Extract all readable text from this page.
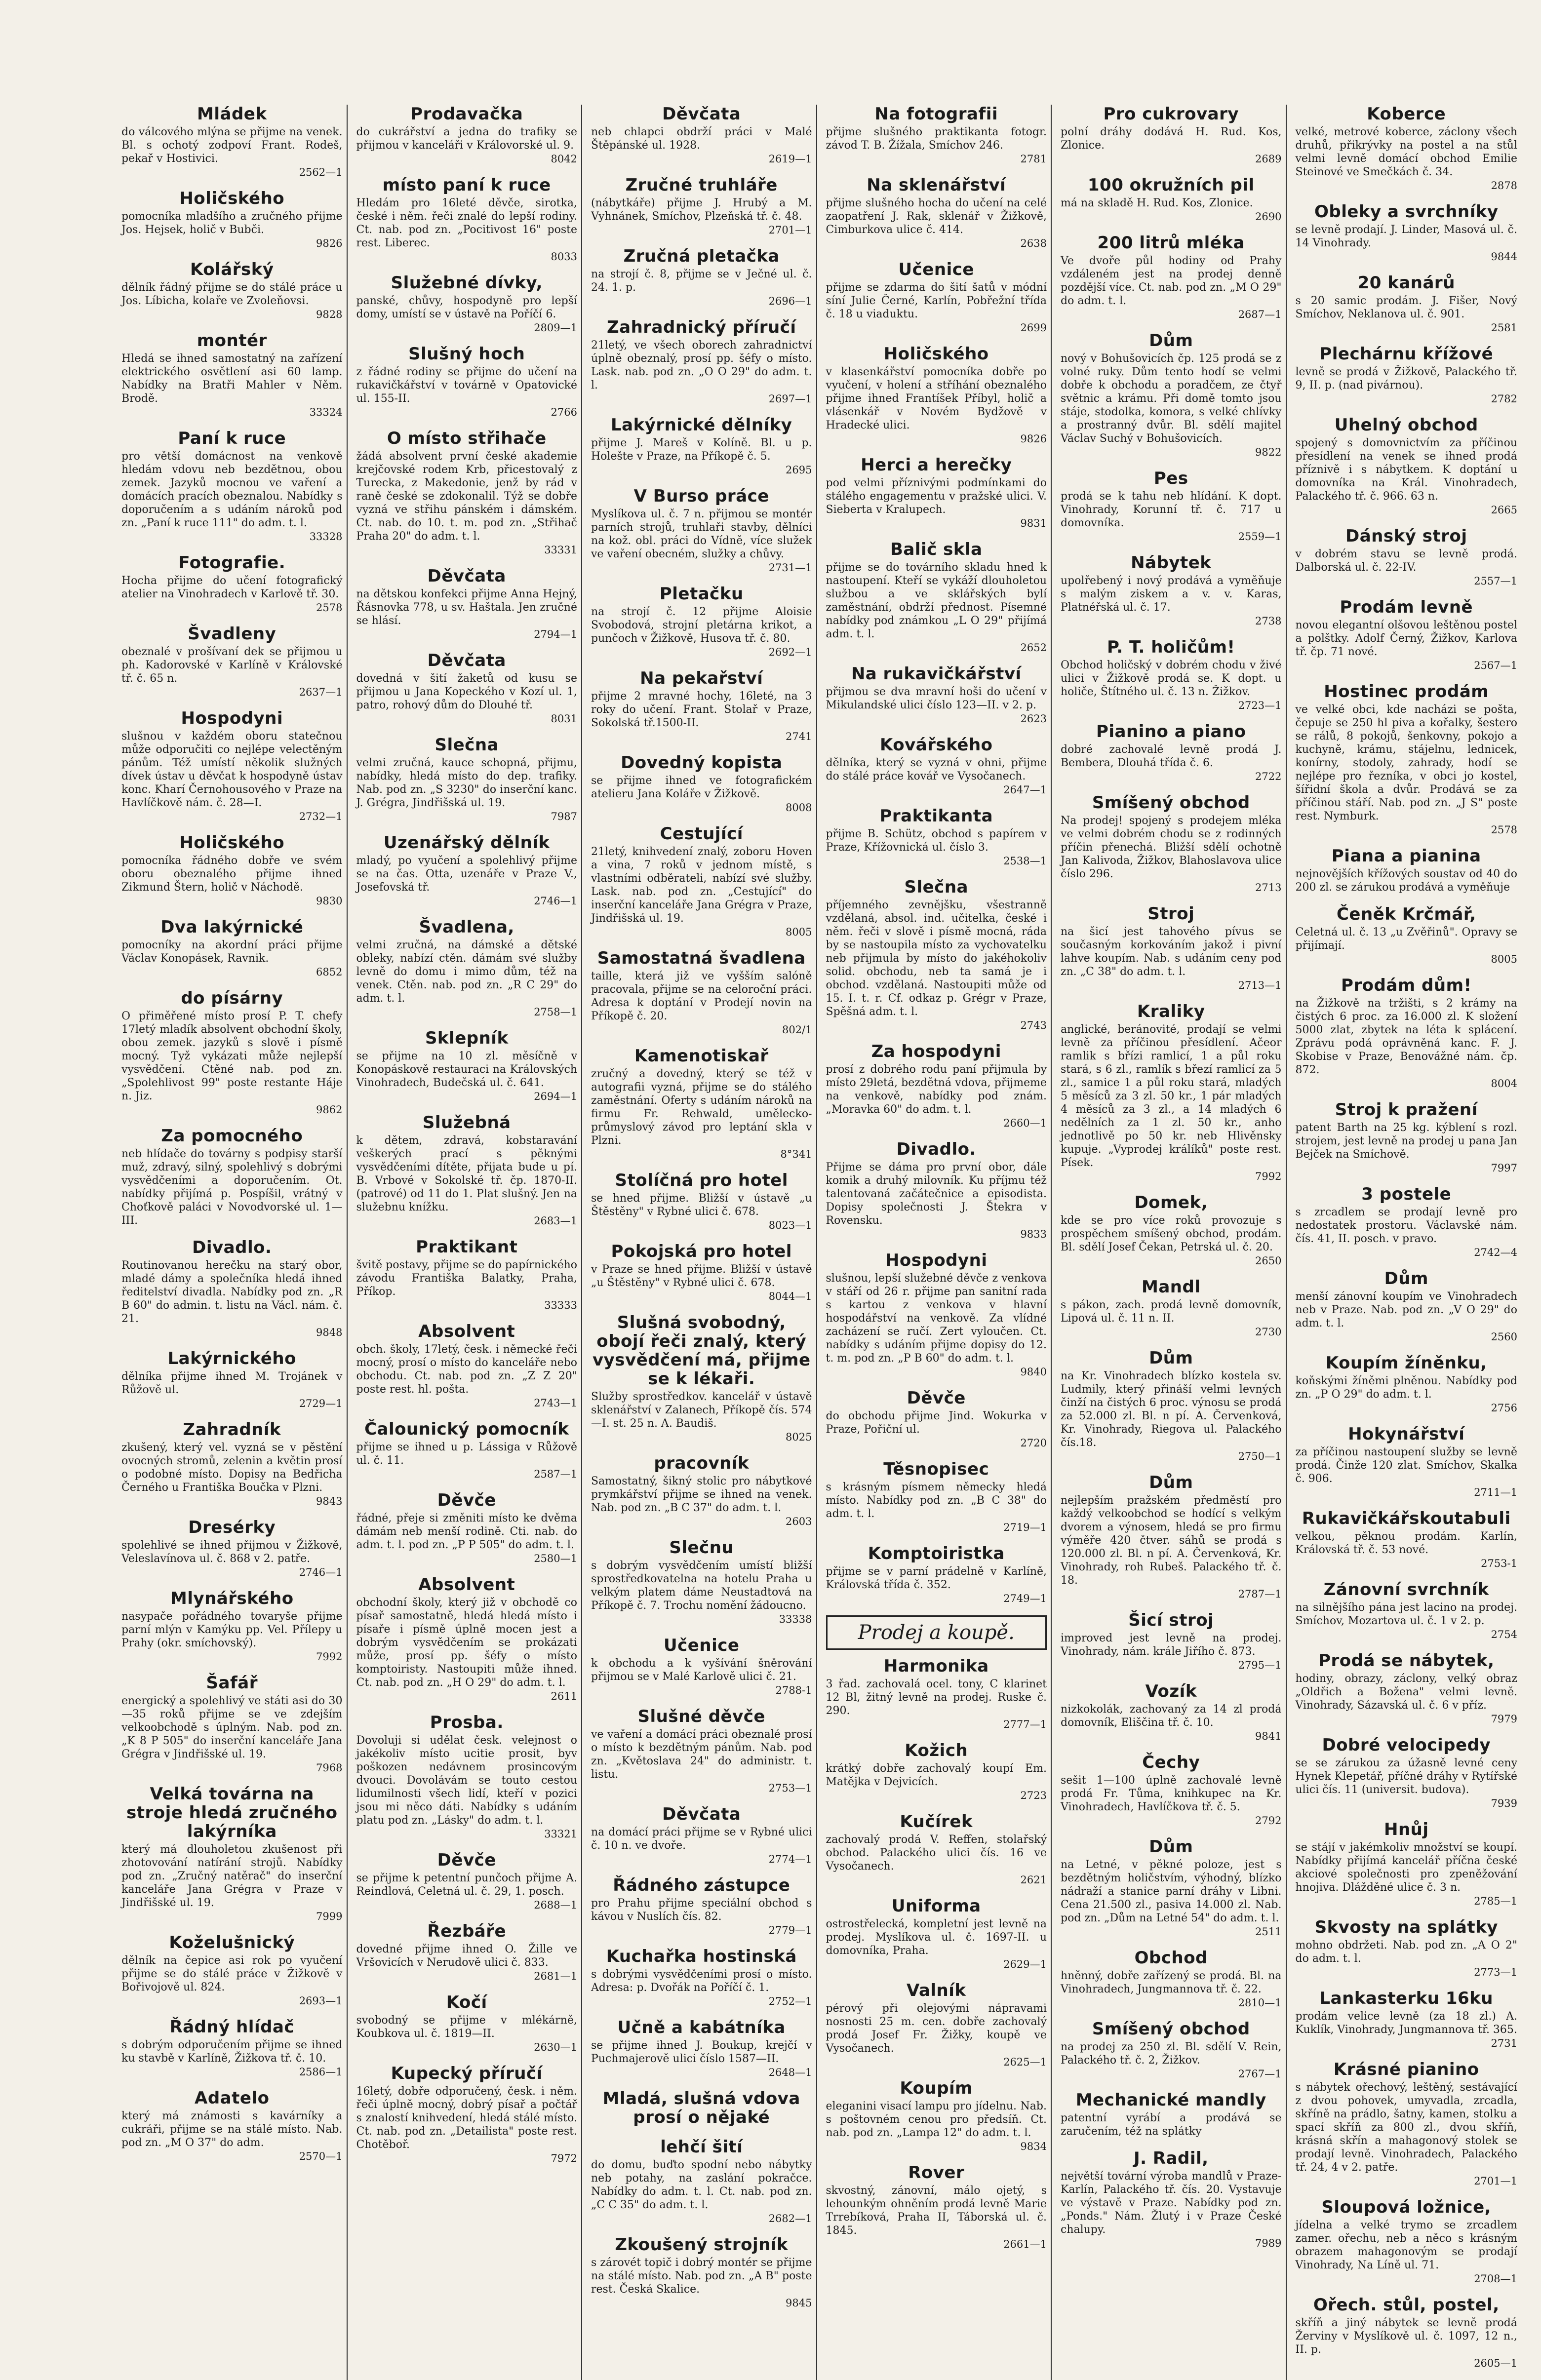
Mládek

do válcového mlýna se přijme na venek. Bl. s ochotý zodpoví Frant. Rodeš, pekař v Hostivici.

2562—1
Holičského

pomocníka mladšího a zručného přijme Jos. Hejsek, holič v Bubči.

9826
Kolářský

dělník řádný přijme se do stálé práce u Jos. Líbicha, kolaře ve Zvoleňovsi.

9828
montér

Hledá se ihned samostatný na zařízení elektrického osvětlení asi 60 lamp. Nabídky na Bratři Mahler v Něm. Brodě.

33324
Paní k ruce

pro větší domácnost na venkově hledám vdovu neb bezdětnou, obou zemek. Jazyků mocnou ve vaření a domácích pracích obeznalou. Nabídky s doporučením a s udáním nároků pod zn. „Paní k ruce 111" do adm. t. l.

33328
Fotografie.

Hocha přijme do učení fotografický atelier na Vinohradech v Karlově tř. 30.

2578
Švadleny

obeznalé v prošívaní dek se přijmou u ph. Kadorovské v Karlíně v Královské tř. č. 65 n.

2637—1
Hospodyni

slušnou v každém oboru statečnou může odporučiti co nejlépe velectěným pánům. Též umístí několik služných dívek ústav u děvčat k hospodyně ústav konc. Kharí Černohousového v Praze na Havlíčkově nám. č. 28—I.

2732—1
Holičského

pomocníka řádného dobře ve svém oboru obeznalého přijme ihned Zikmund Štern, holič v Náchodě.

9830
Dva lakýrnické

pomocníky na akordní práci přijme Václav Konopásek, Ravnik.

6852
do písárny

O přiměřené místo prosí P. T. chefy 17letý mladík absolvent obchodní školy, obou zemek. jazyků s slově i písmě mocný. Tyž vykázati může nejlepší vysvědčení. Ctěné nab. pod zn. „Spolehlivost 99" poste restante Háje n. Jiz.

9862
Za pomocného

neb hlídače do továrny s podpisy starší muž, zdravý, silný, spolehlivý s dobrými vysvědčeními a doporučením. Ot. nabídky přijímá p. Pospíšil, vrátný v Choťkově paláci v Novodvorské ul. 1—III.

Divadlo.

Routinovanou herečku na starý obor, mladé dámy a společníka hledá ihned ředitelství divadla. Nabídky pod zn. „R B 60" do admin. t. listu na Václ. nám. č. 21.

9848
Lakýrnického

dělníka přijme ihned M. Trojánek v Růžově ul.

2729—1
Zahradník

zkušený, který vel. vyzná se v pěstění ovocných stromů, zelenin a květin prosí o podobné místo. Dopisy na Bedřicha Černého u Františka Boučka v Plzni.

9843
Dresérky

spolehlivé se ihned přijmou v Žižkově, Veleslavínova ul. č. 868 v 2. patře.

2746—1
Mlynářského

nasypače pořádného tovaryše přijme parní mlýn v Kamýku pp. Vel. Přílepy u Prahy (okr. smíchovský).

7992
Šafář

energický a spolehlivý ve státi asi do 30—35 roků přijme se ve zdejším velkoobchodě s úplným. Nab. pod zn. „K 8 P 505" do inserční kanceláře Jana Grégra v Jindřišské ul. 19.

7968
Velká továrna na stroje hledá zručného lakýrníka

který má dlouholetou zkušenost při zhotovování natírání strojů. Nabídky pod zn. „Zručný natěrač" do inserční kanceláře Jana Grégra v Praze v Jindřišské ul. 19.

7999
Koželušnický

dělník na čepice asi rok po vyučení přijme se do stálé práce v Žižkově v Bořivojově ul. 824.

2693—1
Řádný hlídač

s dobrým odporučením přijme se ihned ku stavbě v Karlíně, Žižkova tř. č. 10.

2586—1
Adatelo

který má známosti s kavárníky a cukráři, přijme se na stálé místo. Nab. pod zn. „M O 37" do adm.

2570—1
Prodavačka

do cukrářství a jedna do trafiky se přijmou v kanceláři v Královorské ul. 9.

8042
místo paní k ruce

Hledám pro 16leté děvče, sirotka, české i něm. řeči znalé do lepší rodiny. Ct. nab. pod zn. „Pocitivost 16" poste rest. Liberec.

8033
Služebné dívky,

panské, chůvy, hospodyně pro lepší domy, umístí se v ústavě na Poříčí 6.

2809—1
Slušný hoch

z řádné rodiny se přijme do učení na rukavičkářství v továrně v Opatovické ul. 155-II.

2766
O místo střihače

žádá absolvent první české akademie krejčovské rodem Krb, přicestovalý z Turecka, z Makedonie, jenž by rád v raně české se zdokonalil. Týž se dobře vyzná ve střihu pánském i dámském. Ct. nab. do 10. t. m. pod zn. „Střihač Praha 20" do adm. t. l.

33331
Děvčata

na dětskou konfekci přijme Anna Hejný, Řásnovka 778, u sv. Haštala. Jen zručné se hlásí.

2794—1
Děvčata

dovedná v šití žaketů od kusu se přijmou u Jana Kopeckého v Kozí ul. 1, patro, rohový dům do Dlouhé tř.

8031
Slečna

velmi zručná, kauce schopná, přijmu, nabídky, hledá místo do dep. trafiky. Nab. pod zn. „S 3230" do inserční kanc. J. Grégra, Jindřišská ul. 19.

7987
Uzenářský dělník

mladý, po vyučení a spolehlivý přijme se na čas. Otta, uzenáře v Praze V., Josefovská tř.

2746—1
Švadlena,

velmi zručná, na dámské a dětské obleky, nabízí ctěn. dámám své služby levně do domu i mimo dům, též na venek. Ctěn. nab. pod zn. „R C 29" do adm. t. l.

2758—1
Sklepník

se přijme na 10 zl. měsíčně v Konopáskově restauraci na Královských Vinohradech, Budečská ul. č. 641.

2694—1
Služebná

k dětem, zdravá, kobstaravání veškerých prací s pěknými vysvědčeními dítěte, přijata bude u pí. B. Vrbové v Sokolské tř. čp. 1870-II. (patrové) od 11 do 1. Plat slušný. Jen na služebnu knížku.

2683—1
Praktikant

švitě postavy, přijme se do papírnického závodu Františka Balatky, Praha, Příkop.

33333
Absolvent

obch. školy, 17letý, česk. i německé řeči mocný, prosí o místo do kanceláře nebo obchodu. Ct. nab. pod zn. „Z Z 20" poste rest. hl. pošta.

2743—1
Čalounický pomocník

přijme se ihned u p. Lássiga v Růžově ul. č. 11.

2587—1
Děvče

řádné, přeje si změniti místo ke dvěma dámám neb menší rodině. Cti. nab. do adm. t. l. pod zn. „P P 505" do adm. t. l.

2580—1
Absolvent

obchodní školy, který již v obchodě co písař samostatně, hledá hledá místo i písaře i písmě úplně mocen jest a dobrým vysvědčením se prokázati může, prosí pp. šéfy o místo komptoiristy. Nastoupiti může ihned. Ct. nab. pod zn. „H O 29" do adm. t. l.

2611
Prosba.

Dovoluji si udělat česk. velejnost o jakékoliv místo ucitie prosit, byv poškozen nedávnem prosincovým dvouci. Dovolávám se touto cestou lidumilnosti všech lidí, kteří v pozici jsou mi něco dáti. Nabídky s udáním platu pod zn. „Lásky" do adm. t. l.

33321
Děvče

se přijme k petentní punčoch přijme A. Reindlová, Celetná ul. č. 29, 1. posch.

2688—1
Řezbáře

dovedné přijme ihned O. Žille ve Vršovicích v Nerudově ulici č. 833.

2681—1
Kočí

svobodný se přijme v mlékárně, Koubkova ul. č. 1819—II.

2630—1
Kupecký příručí

16letý, dobře odporučený, česk. i něm. řeči úplně mocný, dobrý písař a počtář s znalostí knihvedení, hledá stálé místo. Ct. nab. pod zn. „Detailista" poste rest. Chotěboř.

7972
Děvčata

neb chlapci obdrží práci v Malé Štěpánské ul. 1928.

2619—1
Zručné truhláře

(nábytkáře) přijme J. Hrubý a M. Vyhnánek, Smíchov, Plzeňská tř. č. 48.

2701—1
Zručná pletačka

na strojí č. 8, přijme se v Ječné ul. č. 24. 1. p.

2696—1
Zahradnický příručí

21letý, ve všech oborech zahradnictví úplně obeznalý, prosí pp. šéfy o místo. Lask. nab. pod zn. „O O 29" do adm. t. l.

2697—1
Lakýrnické dělníky

přijme J. Mareš v Kolíně. Bl. u p. Holešte v Praze, na Příkopě č. 5.

2695
V Burso práce

Myslíkova ul. č. 7 n. přijmou se montér parních strojů, truhlaři stavby, dělníci na kož. obl. práci do Vídně, více služek ve vaření obecném, služky a chůvy.

2731—1
Pletačku

na strojí č. 12 přijme Aloisie Svobodová, strojní pletárna krikot, a punčoch v Žižkově, Husova tř. č. 80.

2692—1
Na pekařství

přijme 2 mravné hochy, 16leté, na 3 roky do učení. Frant. Stolař v Praze, Sokolská tř.1500-II.

2741
Dovedný kopista

se přijme ihned ve fotografickém atelieru Jana Koláře v Žižkově.

8008
Cestující

21letý, knihvedení znalý, zoboru Hoven a vina, 7 roků v jednom místě, s vlastními odběrateli, nabízí své služby. Lask. nab. pod zn. „Cestující" do inserční kanceláře Jana Grégra v Praze, Jindřišská ul. 19.

8005
Samostatná švadlena

taille, která již ve vyšším salóně pracovala, přijme se na celoroční práci. Adresa k doptání v Prodejí novin na Příkopě č. 20.

802/1
Kamenotiskař

zručný a dovedný, který se též v autografii vyzná, přijme se do stálého zaměstnání. Oferty s udáním nároků na firmu Fr. Rehwald, umělecko-průmyslový závod pro leptání skla v Plzni.

8°341
Stolíčná pro hotel

se hned přijme. Bližší v ústavě „u Štěstěny" v Rybné ulici č. 678.

8023—1
Pokojská pro hotel

v Praze se hned přijme. Bližší v ústavě „u Štěstěny" v Rybné ulici č. 678.

8044—1
Slušná svobodný, obojí řeči znalý, který vysvědčení má, přijme se k lékaři.

Služby sprostředkov. kancelář v ústavě sklenářství v Zalanech, Příkopě čís. 574—I. st. 25 n. A. Baudiš.

8025
pracovník

Samostatný, šikný stolic pro nábytkové prymkářství přijme se ihned na venek. Nab. pod zn. „B C 37" do adm. t. l.

2603
Slečnu

s dobrým vysvědčením umístí bližší sprostředkovatelna na hotelu Praha u velkým platem dáme Neustadtová na Příkopě č. 7. Trochu nomění žádoucno.

33338
Učenice

k obchodu a k vyšívání šněrování přijmou se v Malé Karlově ulici č. 21.

2788-1
Slušné děvče

ve vaření a domácí práci obeznalé prosí o místo k bezdětným pánům. Nab. pod zn. „Květoslava 24" do administr. t. listu.

2753—1
Děvčata

na domácí práci přijme se v Rybné ulici č. 10 n. ve dvoře.

2774—1
Řádného zástupce

pro Prahu přijme speciální obchod s kávou v Nuslích čís. 82.

2779—1
Kuchařka hostinská

s dobrými vysvědčeními prosí o místo. Adresa: p. Dvořák na Poříčí č. 1.

2752—1
Učně a kabátníka

se přijme ihned J. Boukup, krejčí v Puchmajerově ulici číslo 1587—II.

2648—1
Mladá, slušná vdova prosí o nějaké
lehčí šití

do domu, buďto spodní nebo nábytky neb potahy, na zaslání pokračce. Nabídky do adm. t. l. Ct. nab. pod zn. „C C 35" do adm. t. l.

2682—1
Zkoušený strojník

s zárovét topič i dobrý montér se přijme na stálé místo. Nab. pod zn. „A B" poste rest. Česká Skalice.

9845
Na fotografii

přijme slušného praktikanta fotogr. závod T. B. Žížala, Smíchov 246.

2781
Na sklenářství

přijme slušného hocha do učení na celé zaopatření J. Rak, sklenář v Žižkově, Cimburkova ulice č. 414.

2638
Učenice

přijme se zdarma do šití šatů v módní síní Julie Černé, Karlín, Pobřežní třída č. 18 u viaduktu.

2699
Holičského

v klasenkářství pomocníka dobře po vyučení, v holení a stříhání obeznalého přijme ihned Frantíšek Příbyl, holič a vlásenkář v Novém Bydžově v Hradecké ulici.

9826
Herci a herečky

pod velmi příznivými podmínkami do stálého engagementu v pražské ulici. V. Sieberta v Kralupech.

9831
Balič skla

přijme se do továrního skladu hned k nastoupení. Kteří se vykáží dlouholetou službou a ve sklářských bylí zaměstnání, obdrží přednost. Písemné nabídky pod známkou „L O 29" přijímá adm. t. l.

2652
Na rukavičkářství

přijmou se dva mravní hoši do učení v Mikulandské ulici číslo 123—II. v 2. p.

2623
Kovářského

dělníka, který se vyzná v ohni, přijme do stálé práce kovář ve Vysočanech.

2647—1
Praktikanta

přijme B. Schütz, obchod s papírem v Praze, Křížovnická ul. číslo 3.

2538—1
Slečna

příjemného zevnějšku, všestranně vzdělaná, absol. ind. učitelka, české i něm. řeči v slově i písmě mocná, ráda by se nastoupila místo za vychovatelku neb přijmula by místo do jakéhokoliv solid. obchodu, neb ta samá je i obchod. vzdělaná. Nastoupiti může od 15. I. t. r. Cf. odkaz p. Grégr v Praze, Spěšná adm. t. l.

2743
Za hospodyni

prosí z dobrého rodu paní přijmula by místo 29letá, bezdětná vdova, přijmeme na venkově, nabídky pod znám. „Moravka 60" do adm. t. l.

2660—1
Divadlo.

Přijme se dáma pro první obor, dále komik a druhý milovník. Ku příjmu též talentovaná začátečnice a episodista. Dopisy společnosti J. Štekra v Rovensku.

9833
Hospodyni

slušnou, lepší služebné děvče z venkova v stáří od 26 r. přijme pan sanitní rada s kartou z venkova v hlavní hospodářství na venkově. Za vlídné zacházení se ručí. Zert vyloučen. Ct. nabídky s udáním přijme dopisy do 12. t. m. pod zn. „P B 60" do adm. t. l.

9840
Děvče

do obchodu přijme Jind. Wokurka v Praze, Pořiční ul.

2720
Těsnopisec

s krásným písmem německy hledá místo. Nabídky pod zn. „B C 38" do adm. t. l.

2719—1
Komptoiristka

přijme se v parní prádelně v Karlíně, Královská třída č. 352.

2749—1
Prodej a koupě.
Harmonika

3 řad. zachovalá ocel. tony, C klarinet 12 Bl, žitný levně na prodej. Ruske č. 290.

2777—1
Kožich

krátký dobře zachovalý koupí Em. Matějka v Dejvicích.

2723
Kučírek

zachovalý prodá V. Reffen, stolařský obchod. Palackého ulici čís. 16 ve Vysočanech.

2621
Uniforma

ostrostřelecká, kompletní jest levně na prodej. Myslíkova ul. č. 1697-II. u domovníka, Praha.

2629—1
Valník

pérový při olejovými nápravami nosnosti 25 m. cen. dobře zachovalý prodá Josef Fr. Žižky, koupě ve Vysočanech.

2625—1
Koupím

eleganini visací lampu pro jídelnu. Nab. s poštovném cenou pro předsíň. Ct. nab. pod zn. „Lampa 12" do adm. t. l.

9834
Rover

skvostný, zánovní, málo ojetý, s lehounkým ohněním prodá levně Marie Trrebíková, Praha II, Táborská ul. č. 1845.

2661—1
Pro cukrovary

polní dráhy dodává H. Rud. Kos, Zlonice.

2689
100 okružních pil

má na skladě H. Rud. Kos, Zlonice.

2690
200 litrů mléka

Ve dvoře půl hodiny od Prahy vzdáleném jest na prodej denně pozdější více. Ct. nab. pod zn. „M O 29" do adm. t. l.

2687—1
Dům

nový v Bohušovicích čp. 125 prodá se z volné ruky. Dům tento hodí se velmi dobře k obchodu a poradčem, ze čtyř světnic a krámu. Při domě tomto jsou stáje, stodolka, komora, s velké chlívky a prostranný dvůr. Bl. sdělí majitel Václav Suchý v Bohušovicích.

9822
Pes

prodá se k tahu neb hlídání. K dopt. Vinohrady, Korunní tř. č. 717 u domovníka.

2559—1
Nábytek

upolřebený i nový prodává a vyměňuje s malým ziskem a v. v. Karas, Platnéřská ul. č. 17.

2738
P. T. holičům!

Obchod holičský v dobrém chodu v živé ulici v Žižkově prodá se. K dopt. u holiče, Štítného ul. č. 13 n. Žižkov.

2723—1
Pianino a piano

dobré zachovalé levně prodá J. Bembera, Dlouhá třída č. 6.

2722
Smíšený obchod

Na prodej! spojený s prodejem mléka ve velmi dobrém chodu se z rodinných příčin přenechá. Bližší sdělí ochotně Jan Kalivoda, Žižkov, Blahoslavova ulice číslo 296.

2713
Stroj

na šicí jest tahového pívus se současným korkováním jakož i pivní lahve koupím. Nab. s udáním ceny pod zn. „C 38" do adm. t. l.

2713—1
Kraliky

anglické, beránovité, prodají se velmi levně za příčinou přesídlení. Ačeor ramlik s břízi ramlicí, 1 a půl roku stará, s 6 zl., ramlík s březí ramlicí za 5 zl., samice 1 a půl roku stará, mladých 5 měsíců za 3 zl. 50 kr., 1 pár mladých 4 měsíců za 3 zl., a 14 mladých 6 nedělních za 1 zl. 50 kr., anho jednotlivě po 50 kr. neb Hlivěnsky kupuje. „Vyprodej králíků" poste rest. Písek.

7992
Domek,

kde se pro více roků provozuje s prospěchem smíšený obchod, prodám. Bl. sdělí Josef Čekan, Petrská ul. č. 20.

2650
Mandl

s pákon, zach. prodá levně domovník, Lipová ul. č. 11 n. II.

2730
Dům

na Kr. Vinohradech blízko kostela sv. Ludmily, který přináší velmi levných činží na čistých 6 proc. výnosu se prodá za 52.000 zl. Bl. n pí. A. Červenková, Kr. Vinohrady, Riegova ul. Palackého čís.18.

2750—1
Dům

nejlepším pražském předměstí pro každý velkoobchod se hodící s velkým dvorem a výnosem, hledá se pro firmu výměře 420 čtver. sáhů se prodá s 120.000 zl. Bl. n pí. A. Červenková, Kr. Vinohrady, roh Rubeš. Palackého tř. č. 18.

2787—1
Šicí stroj

improved jest levně na prodej. Vinohrady, nám. krále Jiřího č. 873.

2795—1
Vozík

nizkokolák, zachovaný za 14 zl prodá domovník, Eliščina tř. č. 10.

9841
Čechy

sešit 1—100 úplně zachovalé levně prodá Fr. Tůma, knihkupec na Kr. Vinohradech, Havlíčkova tř. č. 5.

2792
Dům

na Letné, v pěkné poloze, jest s bezdětným holičstvím, výhodný, blízko nádraží a stanice parní dráhy v Libni. Cena 21.500 zl., pasiva 14.000 zl. Nab. pod zn. „Dům na Letné 54" do adm. t. l.

2511
Obchod

hněnný, dobře zařízený se prodá. Bl. na Vinohradech, Jungmannova tř. č. 22.

2810—1
Smíšený obchod

na prodej za 250 zl. Bl. sdělí V. Rein, Palackého tř. č. 2, Žižkov.

2767—1
Mechanické mandly

patentní vyrábí a prodává se zaručením, též na splátky

J. Radil,

největší tovární výroba mandlů v Praze-Karlín, Palackého tř. čís. 20. Vystavuje ve výstavě v Praze. Nabídky pod zn. „Ponds." Nám. Žlutý i v Praze České chalupy.

7989
Koberce

velké, metrové koberce, záclony všech druhů, přikrývky na postel a na stůl velmi levně domácí obchod Emilie Steinové ve Smečkách č. 34.

2878
Obleky a svrchníky

se levně prodají. J. Linder, Masová ul. č. 14 Vinohrady.

9844
20 kanárů

s 20 samic prodám. J. Fišer, Nový Smíchov, Neklanova ul. č. 901.

2581
Plechárnu křížové

levně se prodá v Žižkově, Palackého tř. 9, II. p. (nad pivárnou).

2782
Uhelný obchod

spojený s domovnictvím za příčinou přesídlení na venek se ihned prodá příznivě i s nábytkem. K doptání u domovníka na Král. Vinohradech, Palackého tř. č. 966. 63 n.

2665
Dánský stroj

v dobrém stavu se levně prodá. Dalborská ul. č. 22-IV.

2557—1
Prodám levně

novou elegantní olšovou leštěnou postel a polštky. Adolf Černý, Žižkov, Karlova tř. čp. 71 nové.

2567—1
Hostinec prodám

ve velké obci, kde nacházi se pošta, čepuje se 250 hl piva a kořalky, šestero se rálů, 8 pokojů, šenkovny, pokojo a kuchyně, krámu, stájelnu, lednicek, konírny, stodoly, zahrady, hodí se nejlépe pro řezníka, v obci jo kostel, šířidní škola a dvůr. Prodává se za příčinou stáří. Nab. pod zn. „J S" poste rest. Nymburk.

2578
Piana a pianina

nejnovějších křížových soustav od 40 do 200 zl. se zárukou prodává a vyměňuje

Čeněk Krčmář,

Celetná ul. č. 13 „u Zvěřinů". Opravy se přijímají.

8005
Prodám dům!

na Žižkově na tržišti, s 2 krámy na čistých 6 proc. za 16.000 zl. K složení 5000 zlat, zbytek na léta k splácení. Zprávu podá oprávněná kanc. F. J. Skobise v Praze, Benovážné nám. čp. 872.

8004
Stroj k pražení

patent Barth na 25 kg. kýblení s rozl. strojem, jest levně na prodej u pana Jan Bejček na Smíchově.

7997
3 postele

s zrcadlem se prodají levně pro nedostatek prostoru. Václavské nám. čís. 41, II. posch. v pravo.

2742—4
Dům

menší zánovní koupím ve Vinohradech neb v Praze. Nab. pod zn. „V O 29" do adm. t. l.

2560
Koupím žíněnku,

koňskými žíněmi plněnou. Nabídky pod zn. „P O 29" do adm. t. l.

2756
Hokynářství

za příčinou nastoupení služby se levně prodá. Činže 120 zlat. Smíchov, Skalka č. 906.

2711—1
Rukavičkářskoutabuli

velkou, pěknou prodám. Karlín, Královská tř. č. 53 nové.

2753-1
Zánovní svrchník

na silnějšího pána jest lacino na prodej. Smíchov, Mozartova ul. č. 1 v 2. p.

2754
Prodá se nábytek,

hodiny, obrazy, záclony, velký obraz „Oldřich a Božena" velmi levně. Vinohrady, Sázavská ul. č. 6 v příz.

7979
Dobré velocipedy

se se zárukou za úžasně levné ceny Hynek Klepetář, příčné dráhy v Rytířské ulici čís. 11 (universit. budova).

7939
Hnůj

se stájí v jakémkoliv množství se koupí. Nabídky přijímá kancelář příčna české akciové společnosti pro zpeněžování hnojiva. Dlážděné ulice č. 3 n.

2785—1
Skvosty na splátky

mohno obdržeti. Nab. pod zn. „A O 2" do adm. t. l.

2773—1
Lankasterku 16ku

prodám velice levně (za 18 zl.) A. Kuklík, Vinohrady, Jungmannova tř. 365.

2731
Krásné pianino

s nábytek ořechový, leštěný, sestávající z dvou pohovek, umyvadla, zrcadla, skříně na prádlo, šatny, kamen, stolku a spací skříň za 800 zl., dvou skříň, krásná skřín a mahagonový stolek se prodají levně. Vinohradech, Palackého tř. 24, 4 v 2. patře.

2701—1
Sloupová ložnice,

jídelna a velké trymo se zrcadlem zamer. ořechu, neb a něco s krásným obrazem mahagonovým se prodají Vinohrady, Na Líně ul. 71.

2708—1
Ořech. stůl, postel,

skříň a jiný nábytek se levně prodá Žerviny v Myslíkově ul. č. 1097, 12 n., II. p.

2605—1
